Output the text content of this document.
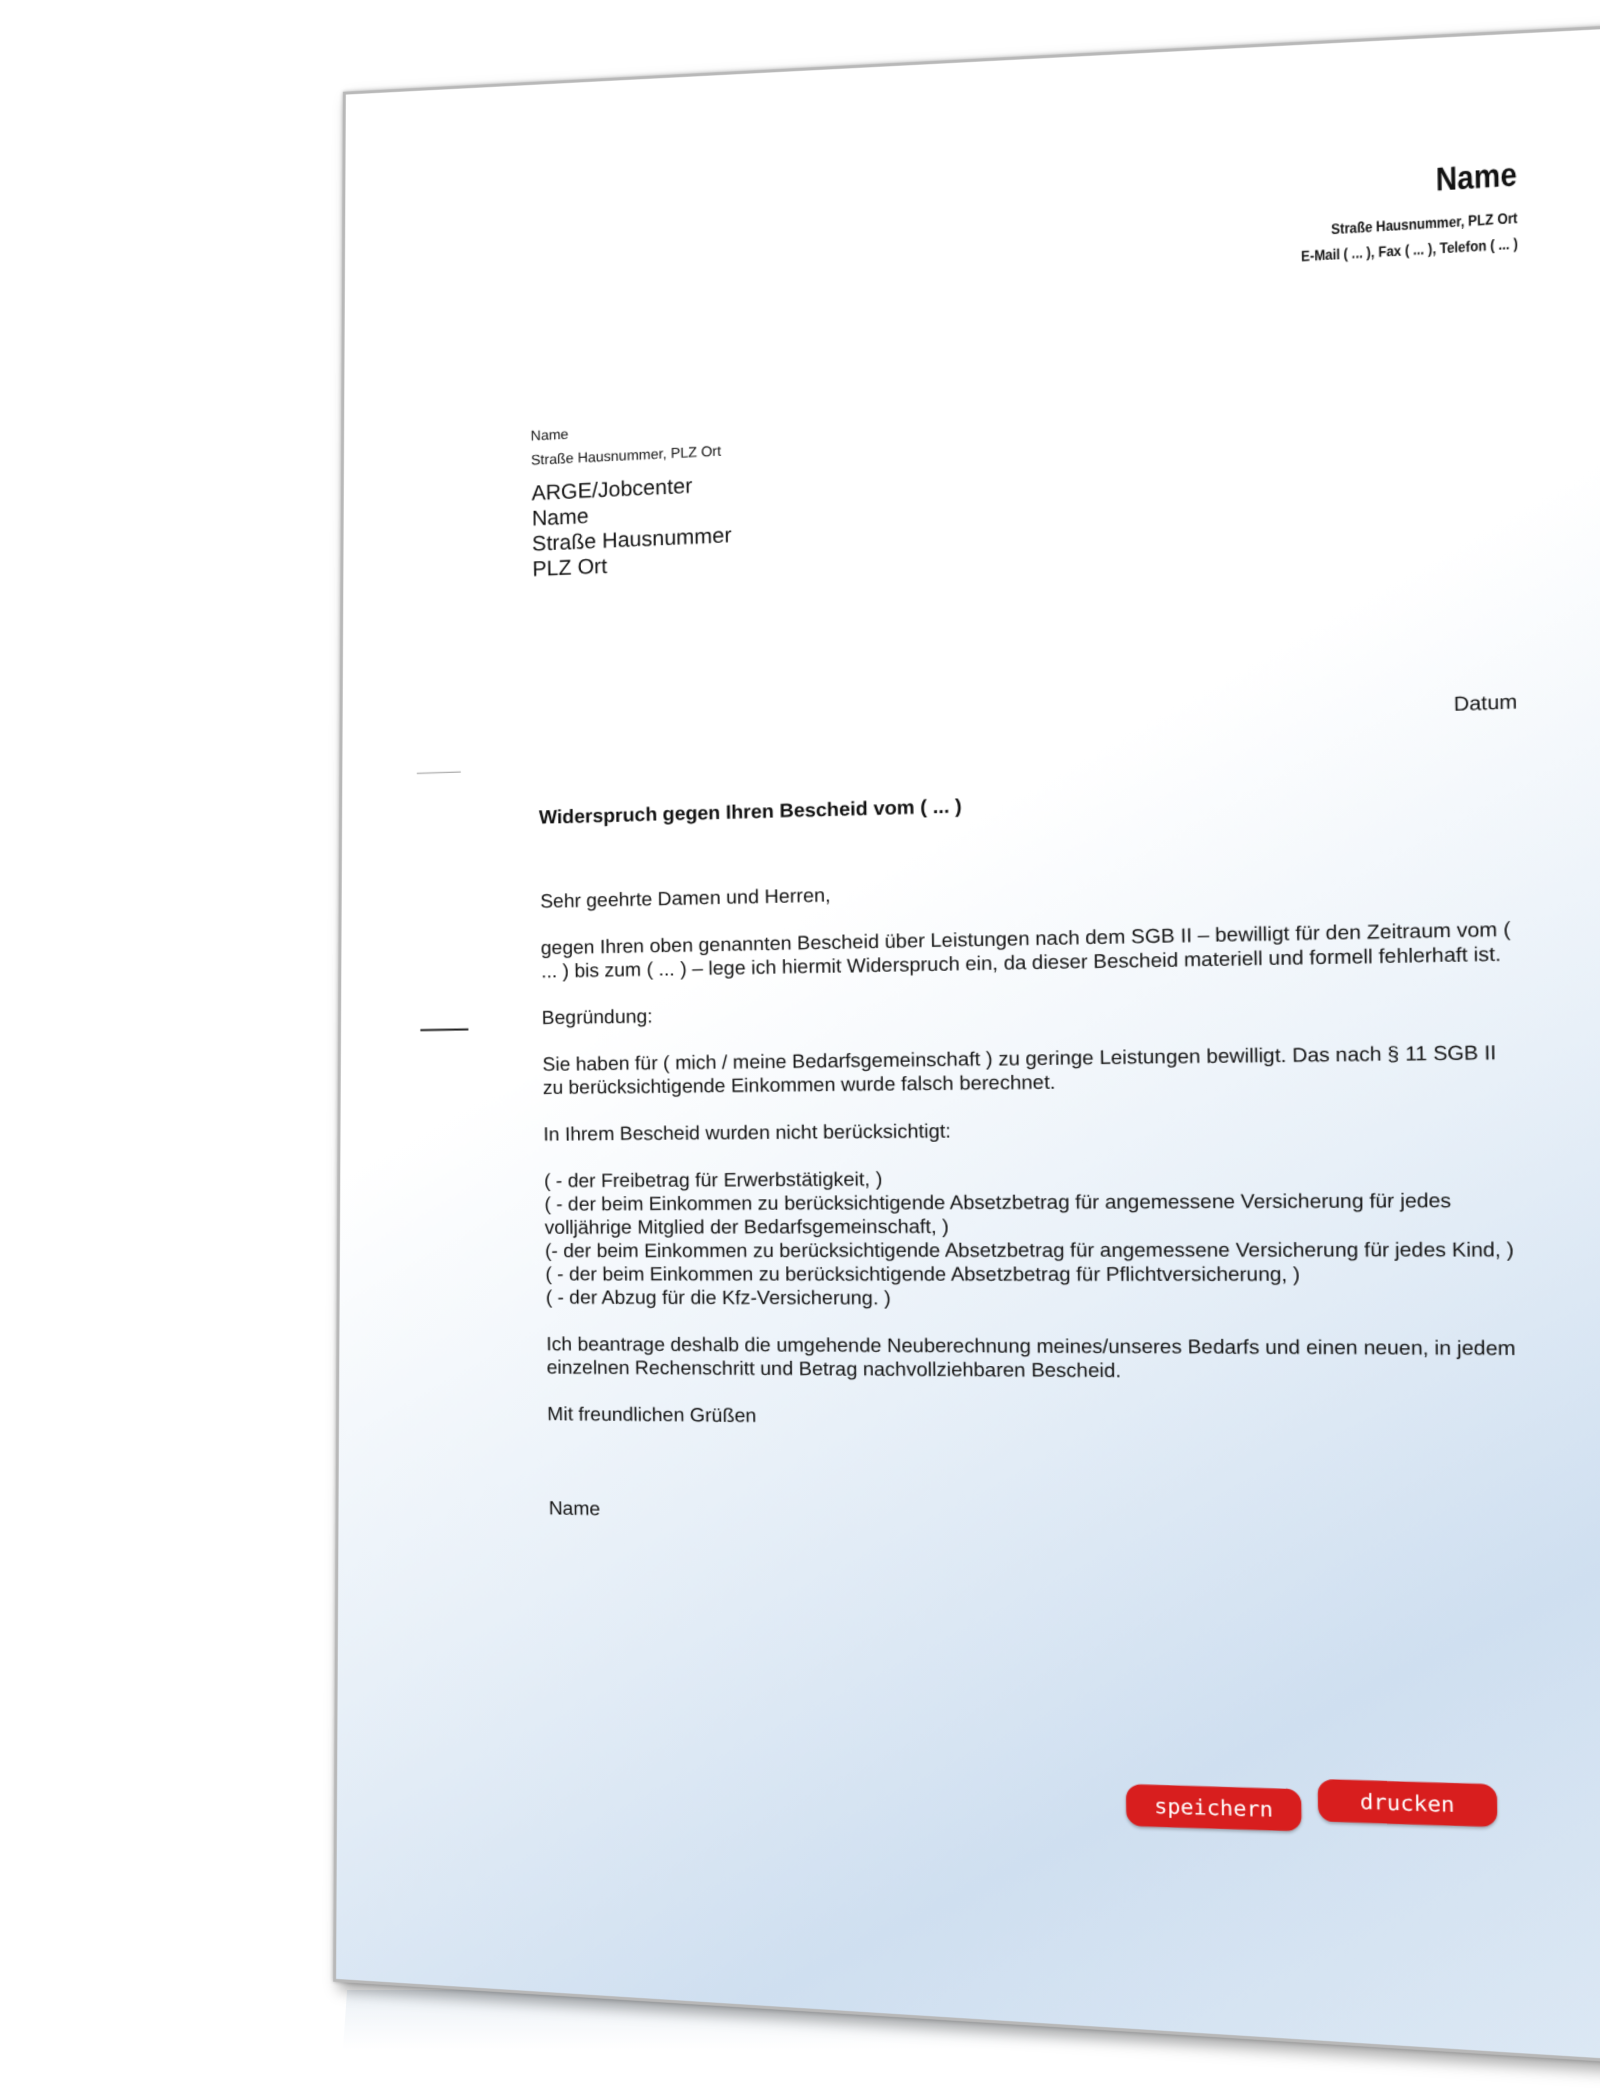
Name
Straße Hausnummer, PLZ Ort
E-Mail ( ... ), Fax ( ... ), Telefon ( ... )
Name
Straße Hausnummer, PLZ Ort
ARGE/Jobcenter
Name
Straße Hausnummer
PLZ Ort
Datum
Widerspruch gegen Ihren Bescheid vom ( ... )

Sehr geehrte Damen und Herren,

gegen Ihren oben genannten Bescheid über Leistungen nach dem SGB II – bewilligt für den Zeitraum vom ( ... ) bis zum ( ... ) – lege ich hiermit Widerspruch ein, da dieser Bescheid materiell und formell fehlerhaft ist.

Begründung:

Sie haben für ( mich / meine Bedarfsgemeinschaft ) zu geringe Leistungen bewilligt. Das nach § 11 SGB II zu berücksichtigende Einkommen wurde falsch berechnet.

In Ihrem Bescheid wurden nicht berücksichtigt:

( - der Freibetrag für Erwerbstätigkeit, )

( - der beim Einkommen zu berücksichtigende Absetzbetrag für angemessene Versicherung für jedes volljährige Mitglied der Bedarfsgemeinschaft, )

(- der beim Einkommen zu berücksichtigende Absetzbetrag für angemessene Versicherung für jedes Kind, )

( - der beim Einkommen zu berücksichtigende Absetzbetrag für Pflichtversicherung, )

( - der Abzug für die Kfz-Versicherung. )

Ich beantrage deshalb die umgehende Neuberechnung meines/unseres Bedarfs und einen neuen, in jedem einzelnen Rechenschritt und Betrag nachvollziehbaren Bescheid.

Mit freundlichen Grüßen

Name
speichern	drucken
